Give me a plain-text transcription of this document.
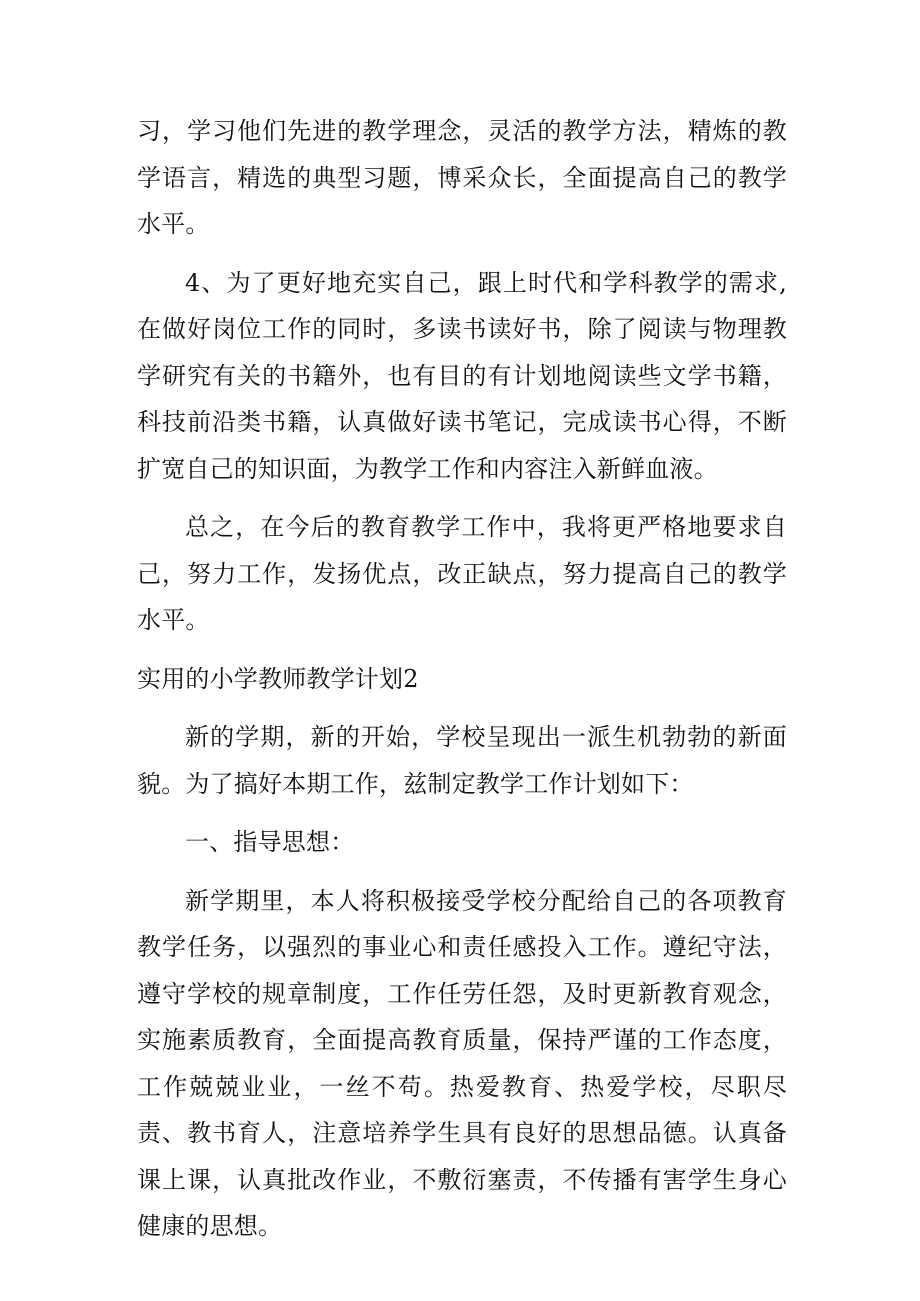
习，学习他们先进的教学理念，灵活的教学方法，精炼的教学语言，精选的典型习题，博采众长，全面提高自己的教学水平。

4、为了更好地充实自己，跟上时代和学科教学的需求,在做好岗位工作的同时，多读书读好书，除了阅读与物理教学研究有关的书籍外，也有目的有计划地阅读些文学书籍，科技前沿类书籍，认真做好读书笔记，完成读书心得，不断扩宽自己的知识面，为教学工作和内容注入新鲜血液。

总之，在今后的教育教学工作中，我将更严格地要求自己，努力工作，发扬优点，改正缺点，努力提高自己的教学水平。

实用的小学教师教学计划2

新的学期，新的开始，学校呈现出一派生机勃勃的新面貌。为了搞好本期工作，兹制定教学工作计划如下：

一、指导思想：

新学期里，本人将积极接受学校分配给自己的各项教育教学任务，以强烈的事业心和责任感投入工作。遵纪守法，遵守学校的规章制度，工作任劳任怨，及时更新教育观念，实施素质教育，全面提高教育质量，保持严谨的工作态度，工作兢兢业业，一丝不苟。热爱教育、热爱学校，尽职尽责、教书育人，注意培养学生具有良好的思想品德。认真备课上课，认真批改作业，不敷衍塞责，不传播有害学生身心健康的思想。
